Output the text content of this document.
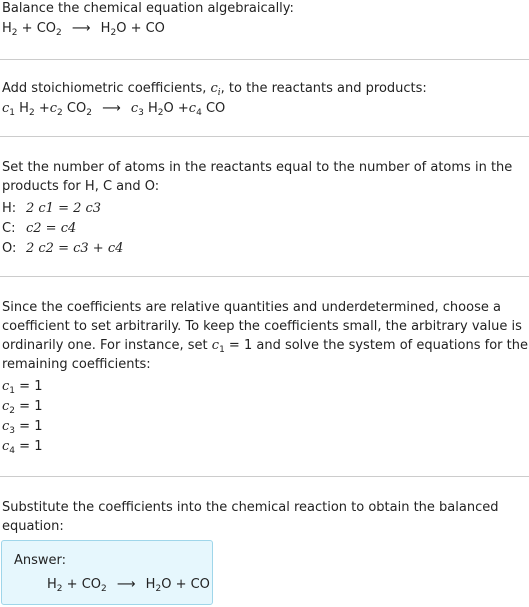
Balance the chemical equation algebraically:
$H_2 + CO_2$ ⟶ $H_2O$ + CO
Add stoichiometric coefficients, $c_i$, to the reactants and products:
$c_1$ $H_2 +c_2$ $CO_2$ ⟶ $c_3$ $H_2O +c_4$ CO
Set the number of atoms in the reactants equal to the number of atoms in the
products for H, C and O:
H: 2 c1 = 2 c3
C: c2 = c4
O: 2 c2 = c3 + c4
Since the coefficients are relative quantities and underdetermined, choose a
coefficient to set arbitrarily. To keep the coefficients small, the arbitrary value is
ordinarily one. For instance, set $c_1 = 1$ and solve the system of equations for the
remaining coefficients:
$c_1 = 1$
$c_2 = 1$
$c_3 = 1$
$c_4 = 1$
Substitute the coefficients into the chemical reaction to obtain the balanced
equation:
Answer:
$H_2 + CO_2$ ⟶ $H_2O$ + CO
